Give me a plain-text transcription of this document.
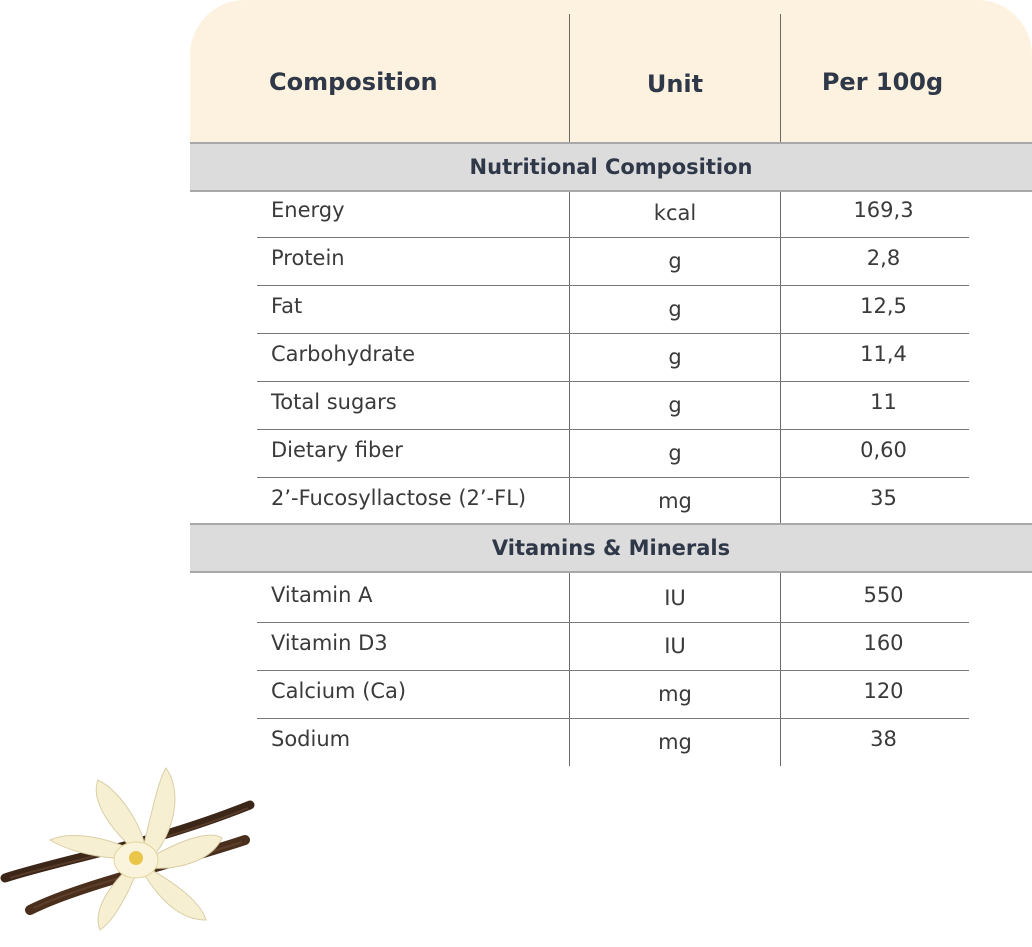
Composition	Unit	Per 100g
Nutritional Composition
Energy	kcal	169,3
Protein	g	2,8
Fat	g	12,5
Carbohydrate	g	11,4
Total sugars	g	11
Dietary fiber	g	0,60
2’-Fucosyllactose (2’-FL)	mg	35
Vitamins & Minerals
Vitamin A	IU	550
Vitamin D3	IU	160
Calcium (Ca)	mg	120
Sodium	mg	38
